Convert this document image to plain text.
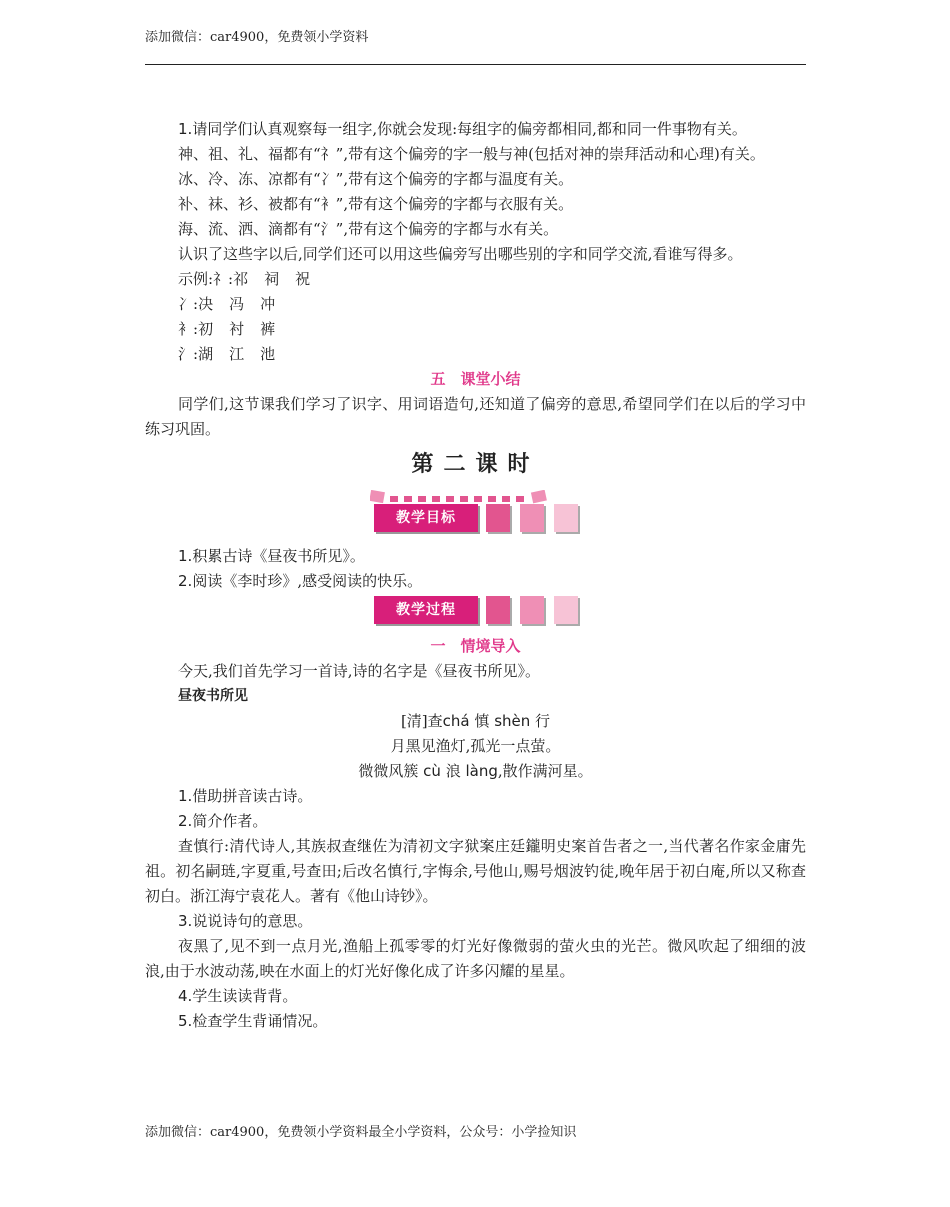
添加微信：car4900，免费领小学资料

1.请同学们认真观察每一组字,你就会发现:每组字的偏旁都相同,都和同一件事物有关。

神、祖、礼、福都有“礻”,带有这个偏旁的字一般与神(包括对神的崇拜活动和心理)有关。

冰、冷、冻、凉都有“冫”,带有这个偏旁的字都与温度有关。

补、袜、衫、被都有“衤”,带有这个偏旁的字都与衣服有关。

海、流、洒、滴都有“氵”,带有这个偏旁的字都与水有关。

认识了这些字以后,同学们还可以用这些偏旁写出哪些别的字和同学交流,看谁写得多。

示例:礻:祁 祠 祝

冫:决 冯 冲

衤:初 衬 裤

氵:湖 江 池

五　课堂小结

同学们,这节课我们学习了识字、用词语造句,还知道了偏旁的意思,希望同学们在以后的学习中练习巩固。

第二课时
教学目标

1.积累古诗《昼夜书所见》。

2.阅读《李时珍》,感受阅读的快乐。

教学过程

一　情境导入

今天,我们首先学习一首诗,诗的名字是《昼夜书所见》。

昼夜书所见

[清]查chá 慎 shèn 行

月黑见渔灯,孤光一点萤。

微微风簇 cù 浪 làng,散作满河星。

1.借助拼音读古诗。

2.简介作者。

查慎行:清代诗人,其族叔查继佐为清初文字狱案庄廷鑨明史案首告者之一,当代著名作家金庸先祖。初名嗣琏,字夏重,号查田;后改名慎行,字悔余,号他山,赐号烟波钓徒,晚年居于初白庵,所以又称查初白。浙江海宁袁花人。著有《他山诗钞》。

3.说说诗句的意思。

夜黑了,见不到一点月光,渔船上孤零零的灯光好像微弱的萤火虫的光芒。微风吹起了细细的波浪,由于水波动荡,映在水面上的灯光好像化成了许多闪耀的星星。

4.学生读读背背。

5.检查学生背诵情况。

添加微信：car4900，免费领小学资料最全小学资料，公众号：小学捡知识
